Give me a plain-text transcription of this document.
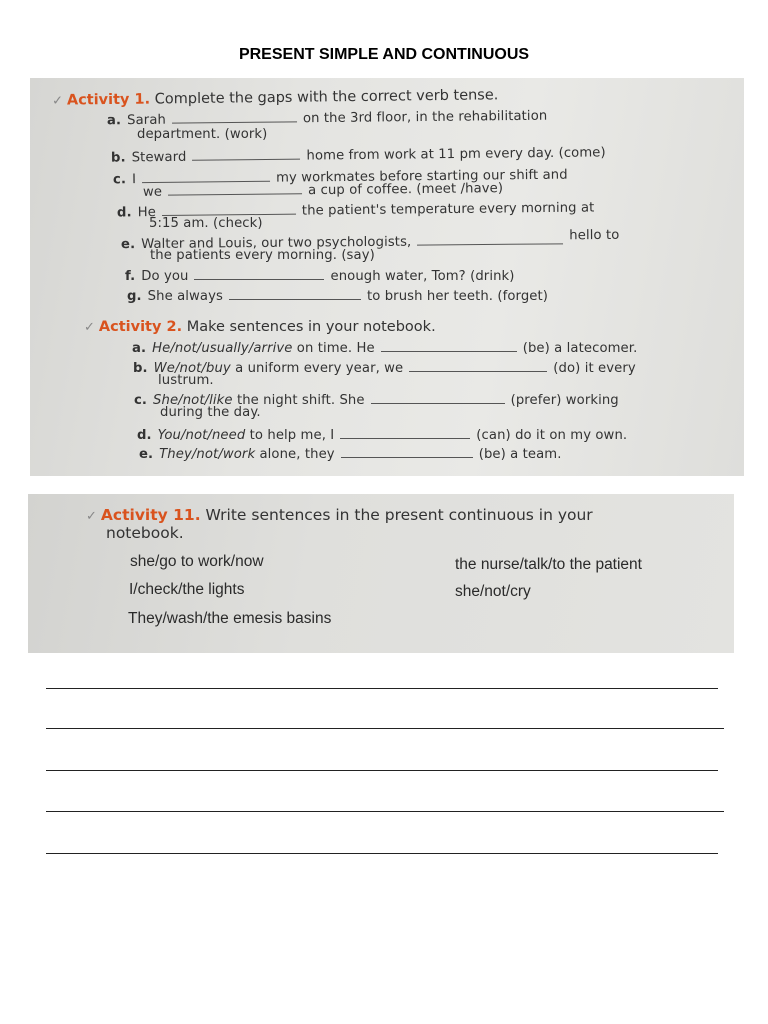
PRESENT SIMPLE AND CONTINUOUS
✓ Activity 1. Complete the gaps with the correct verb tense.
a. Sarah	on the 3rd floor, in the rehabilitation
department. (work)
b. Steward	home from work at 11 pm every day. (come)
c. I	my workmates before starting our shift and
we	a cup of coffee. (meet /have)
d. He	the patient's temperature every morning at
5:15 am. (check)
e. Walter and Louis, our two psychologists,	hello to
the patients every morning. (say)
f. Do you	enough water, Tom? (drink)
g. She always	to brush her teeth. (forget)
✓ Activity 2. Make sentences in your notebook.
a. He/not/usually/arrive on time. He	(be) a latecomer.
b. We/not/buy a uniform every year, we	(do) it every
lustrum.
c. She/not/like the night shift. She	(prefer) working
during the day.
d. You/not/need to help me, I	(can) do it on my own.
e. They/not/work alone, they	(be) a team.
✓ Activity 11. Write sentences in the present continuous in your
notebook.
she/go to work/now
I/check/the lights
They/wash/the emesis basins
the nurse/talk/to the patient
she/not/cry
